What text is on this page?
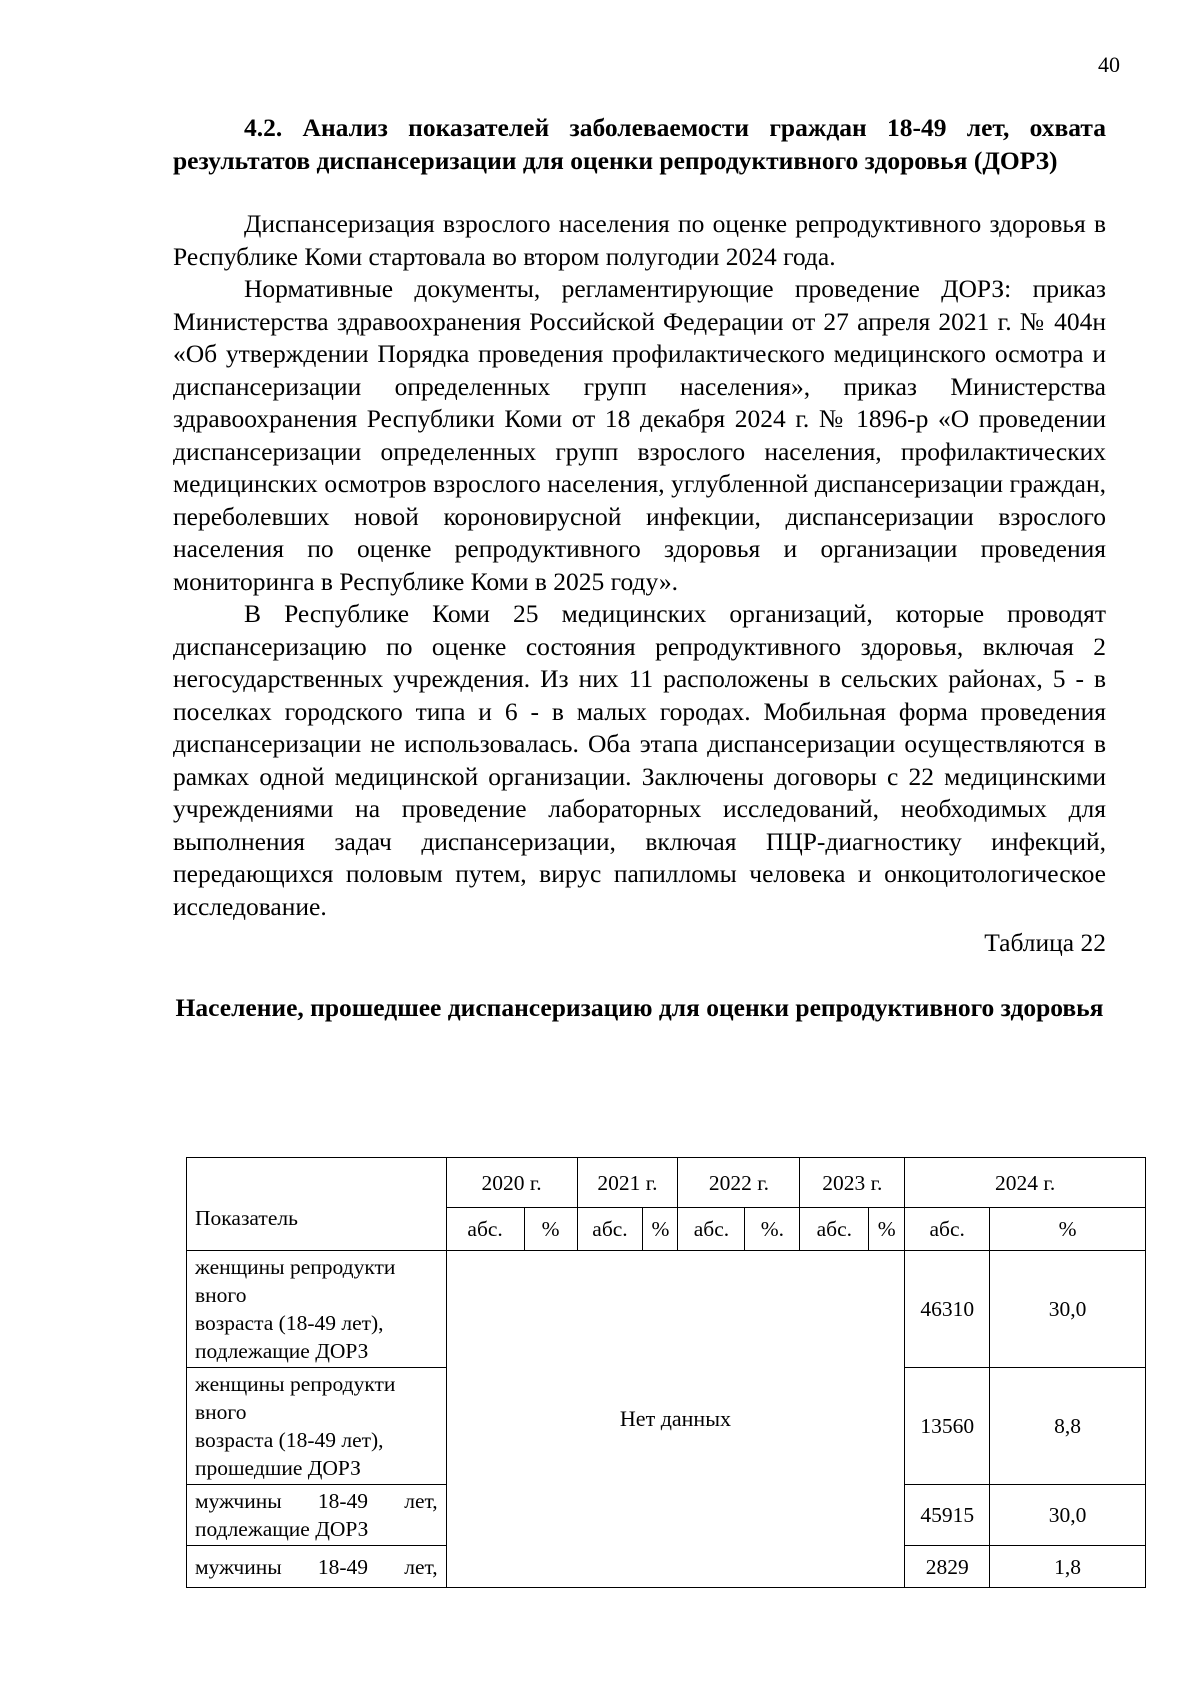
40

4.2. Анализ показателей заболеваемости граждан 18-49 лет, охвата результатов диспансеризации для оценки репродуктивного здоровья (ДОРЗ)

Диспансеризация взрослого населения по оценке репродуктивного здоровья в Республике Коми стартовала во втором полугодии 2024 года.

Нормативные документы, регламентирующие проведение ДОРЗ: приказ Министерства здравоохранения Российской Федерации от 27 апреля 2021 г. № 404н «Об утверждении Порядка проведения профилактического медицинского осмотра и диспансеризации определенных групп населения», приказ Министерства здравоохранения Республики Коми от 18 декабря 2024 г. № 1896-р «О проведении диспансеризации определенных групп взрослого населения, профилактических медицинских осмотров взрослого населения, углубленной диспансеризации граждан, переболевших новой короновирусной инфекции, диспансеризации взрослого населения по оценке репродуктивного здоровья и организации проведения мониторинга в Республике Коми в 2025 году».

В Республике Коми 25 медицинских организаций, которые проводят диспансеризацию по оценке состояния репродуктивного здоровья, включая 2 негосударственных учреждения. Из них 11 расположены в сельских районах, 5 - в поселках городского типа и 6 - в малых городах. Мобильная форма проведения диспансеризации не использовалась. Оба этапа диспансеризации осуществляются в рамках одной медицинской организации. Заключены договоры с 22 медицинскими учреждениями на проведение лабораторных исследований, необходимых для выполнения задач диспансеризации, включая ПЦР-диагностику инфекций, передающихся половым путем, вирус папилломы человека и онкоцитологическое исследование.

Таблица 22

Население, прошедшее диспансеризацию для оценки репродуктивного здоровья

Показатель	2020 г.		2021 г.		2022 г.		2023 г.		2024 г.	
	абс.	%	абс.	%	абс.	%.	абс.	%	абс.	%

женщины репродукти
вного
возраста (18-49 лет),
подлежащие ДОРЗ	Нет данных								46310	30,0

женщины репродукти
вного
возраста (18-49 лет),
прошедшие ДОРЗ									13560	8,8

мужчины 18-49 лет,
подлежащие ДОРЗ									45915	30,0

мужчины 18-49 лет,									2829	1,8
